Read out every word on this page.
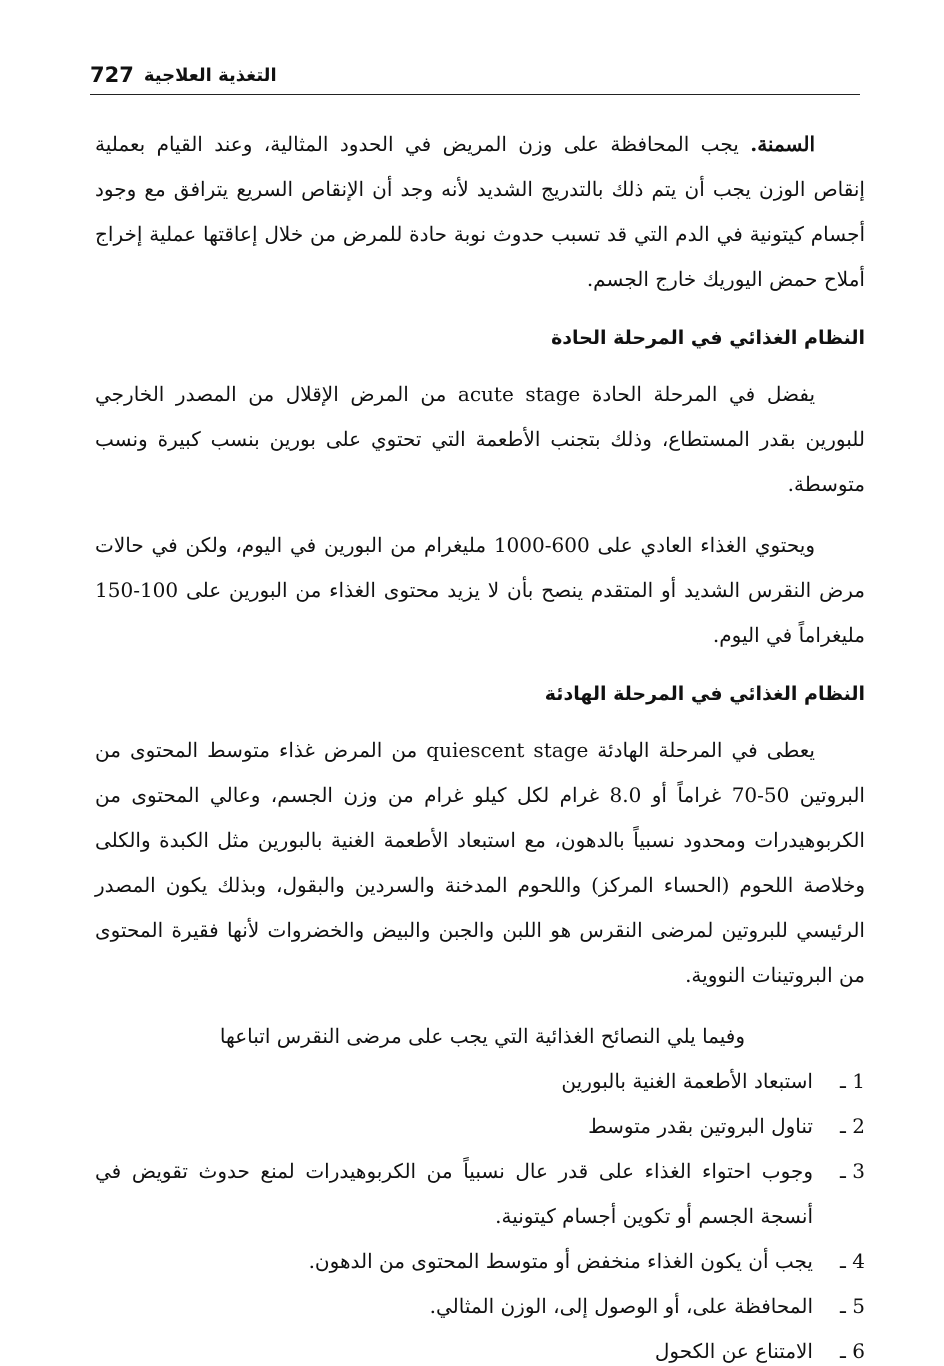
727 التغذية العلاجية

السمنة. يجب المحافظة على وزن المريض في الحدود المثالية، وعند القيام بعملية إنقاص الوزن يجب أن يتم ذلك بالتدريج الشديد لأنه وجد أن الإنقاص السريع يترافق مع وجود أجسام كيتونية في الدم التي قد تسبب حدوث نوبة حادة للمرض من خلال إعاقتها عملية إخراج أملاح حمض اليوريك خارج الجسم.

النظام الغذائي في المرحلة الحادة

يفضل في المرحلة الحادة acute stage من المرض الإقلال من المصدر الخارجي للبورين بقدر المستطاع، وذلك بتجنب الأطعمة التي تحتوي على بورين بنسب كبيرة ونسب متوسطة.

ويحتوي الغذاء العادي على 600-1000 مليغرام من البورين في اليوم، ولكن في حالات مرض النقرس الشديد أو المتقدم ينصح بأن لا يزيد محتوى الغذاء من البورين على 100-150 مليغراماً في اليوم.

النظام الغذائي في المرحلة الهادئة

يعطى في المرحلة الهادئة quiescent stage من المرض غذاء متوسط المحتوى من البروتين 50-70 غراماً أو 8.0 غرام لكل كيلو غرام من وزن الجسم، وعالي المحتوى من الكربوهيدرات ومحدود نسبياً بالدهون، مع استبعاد الأطعمة الغنية بالبورين مثل الكبدة والكلى وخلاصة اللحوم (الحساء المركز) واللحوم المدخنة والسردين والبقول، وبذلك يكون المصدر الرئيسي للبروتين لمرضى النقرس هو اللبن والجبن والبيض والخضروات لأنها فقيرة المحتوى من البروتينات النووية.

وفيما يلي النصائح الغذائية التي يجب على مرضى النقرس اتباعها

1 ـ
استبعاد الأطعمة الغنية بالبورين
2 ـ
تناول البروتين بقدر متوسط
3 ـ
وجوب احتواء الغذاء على قدر عال نسبياً من الكربوهيدرات لمنع حدوث تقويض في أنسجة الجسم أو تكوين أجسام كيتونية.
4 ـ
يجب أن يكون الغذاء منخفض أو متوسط المحتوى من الدهون.
5 ـ
المحافظة على، أو الوصول إلى، الوزن المثالي.
6 ـ
الامتناع عن الكحول
